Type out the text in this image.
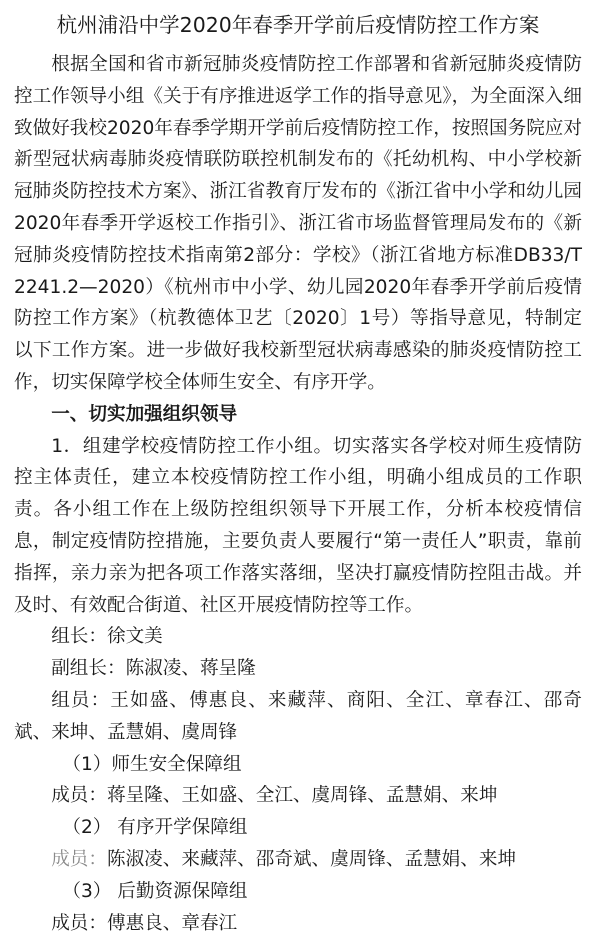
杭州浦沿中学2020年春季开学前后疫情防控工作方案

根据全国和省市新冠肺炎疫情防控工作部署和省新冠肺炎疫情防控工作领导小组《关于有序推进返学工作的指导意见》，为全面深入细致做好我校2020年春季学期开学前后疫情防控工作，按照国务院应对新型冠状病毒肺炎疫情联防联控机制发布的《托幼机构、中小学校新冠肺炎防控技术方案》、浙江省教育厅发布的《浙江省中小学和幼儿园2020年春季开学返校工作指引》、浙江省市场监督管理局发布的《新冠肺炎疫情防控技术指南第2部分：学校》（浙江省地方标准DB33/T 2241.2—2020）《杭州市中小学、幼儿园2020年春季开学前后疫情防控工作方案》（杭教德体卫艺〔2020〕1号）等指导意见，特制定以下工作方案。进一步做好我校新型冠状病毒感染的肺炎疫情防控工作，切实保障学校全体师生安全、有序开学。

一、切实加强组织领导

1．组建学校疫情防控工作小组。切实落实各学校对师生疫情防控主体责任，建立本校疫情防控工作小组，明确小组成员的工作职责。各小组工作在上级防控组织领导下开展工作，分析本校疫情信息，制定疫情防控措施，主要负责人要履行“第一责任人”职责，靠前指挥，亲力亲为把各项工作落实落细，坚决打赢疫情防控阻击战。并及时、有效配合街道、社区开展疫情防控等工作。

组长：徐文美

副组长：陈淑凌、蒋呈隆

组员：王如盛、傅惠良、来藏萍、商阳、全江、章春江、邵奇斌、来坤、孟慧娟、虞周锋

（1）师生安全保障组

成员：蒋呈隆、王如盛、全江、虞周锋、孟慧娟、来坤

（2） 有序开学保障组

成员：陈淑凌、来藏萍、邵奇斌、虞周锋、孟慧娟、来坤

（3） 后勤资源保障组

成员：傅惠良、章春江
